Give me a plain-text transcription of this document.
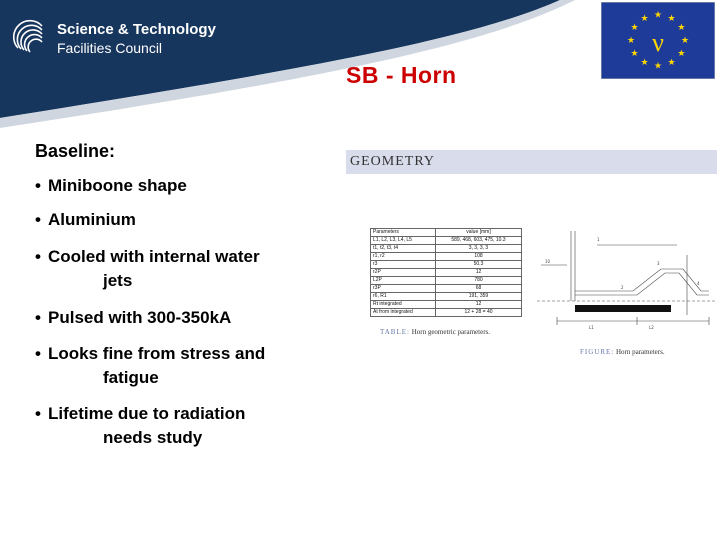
Science & Technology
Facilities Council
★ ★
★
★
★
★
★
★
★
★
★
★
ν
SB - Horn
Baseline:
• Miniboone shape
• Aluminium
• Cooled with internal water
jets
• Pulsed with 300-350kA
• Looks fine from stress and
fatigue
• Lifetime due to radiation
needs study
GEOMETRY
Parameters	value [mm]
L1, L2, L3, L4, L5	589, 468, 603, 475, 10.3
t1, t2, t3, t4	3, 3, 3, 3
r1, r2	108
r3	50.3
r2P	12
L2P	780
r3P	68
r6, R1	191, 359
Rt integrated	12
At from integrated	12 + 28 = 40
TABLE: Horn geometric parameters.
1
10	3
2
4
L2
L1
FIGURE: Horn parameters.
